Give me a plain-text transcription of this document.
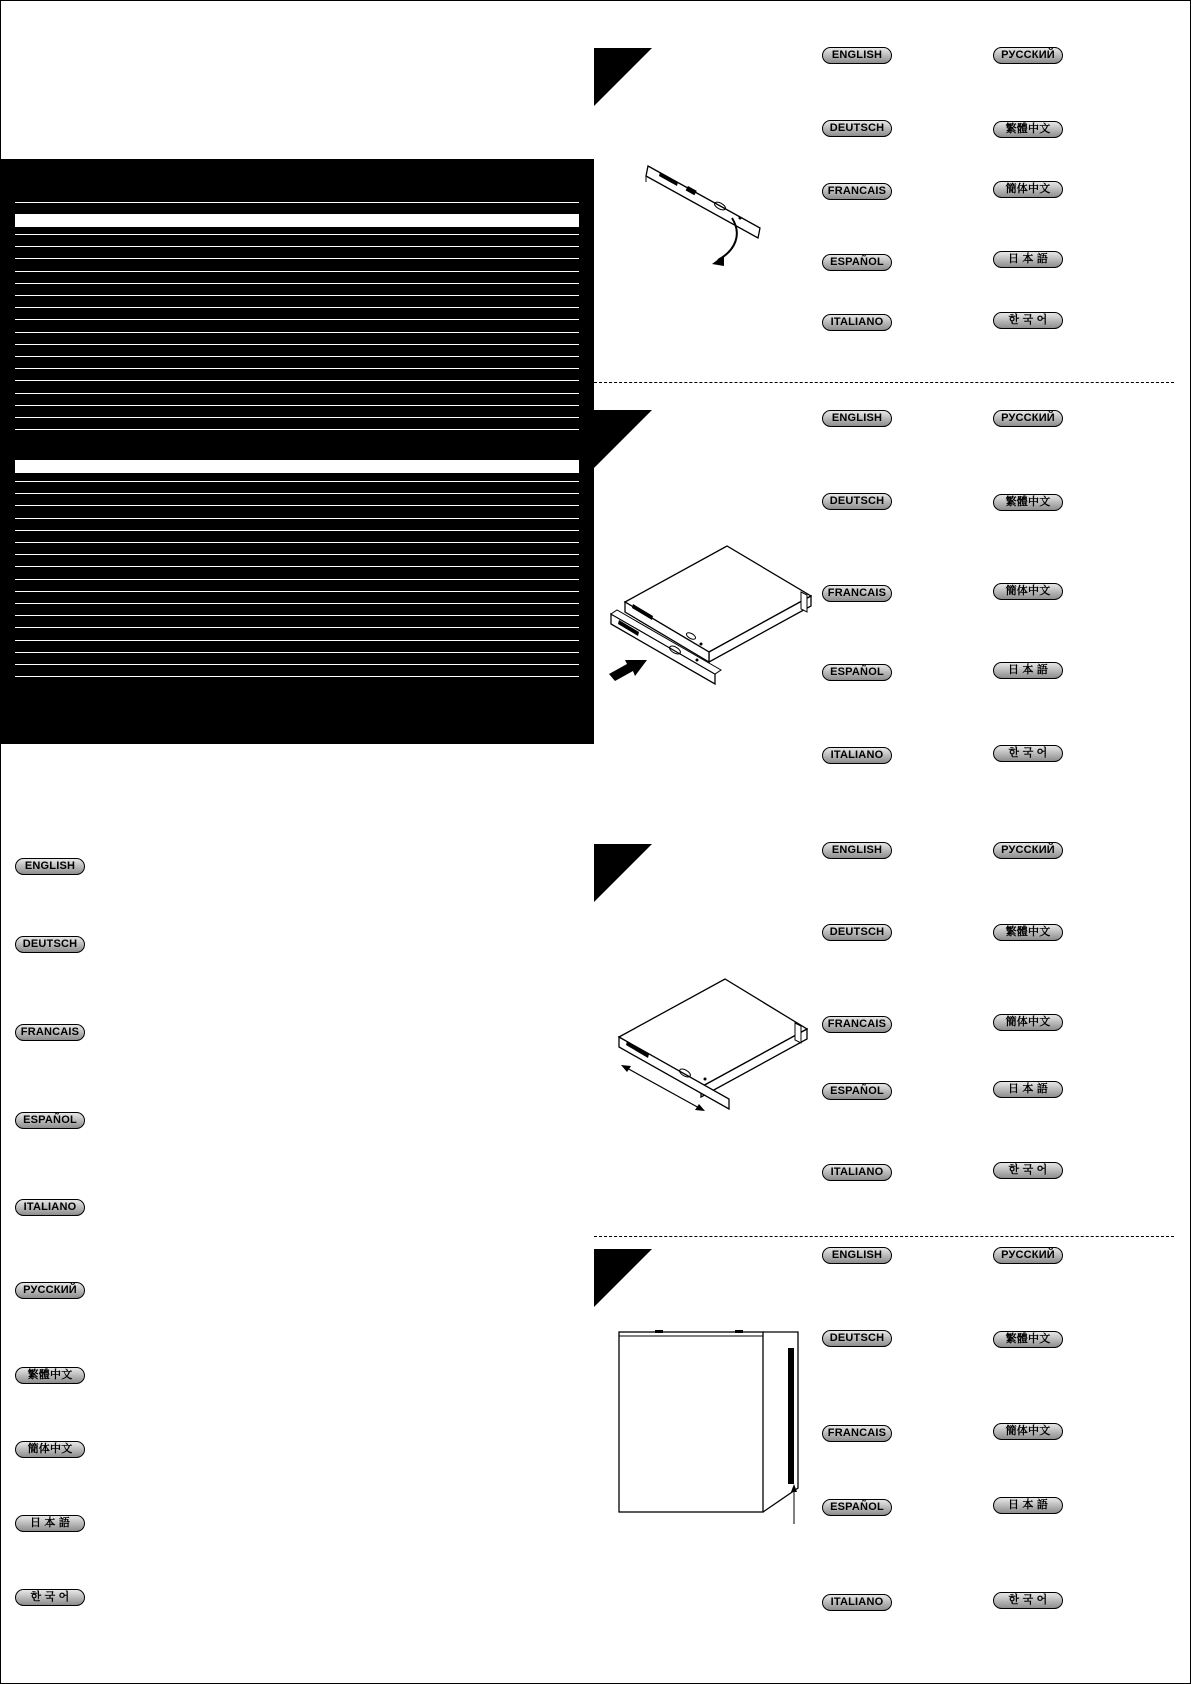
ENGLISH
DEUTSCH
FRANCAIS
ESPAÑOL
ITALIANO
РУССКИЙ
繁體中文
簡体中文
日 本 語
한 국 어
ENGLISH
DEUTSCH
FRANCAIS
ESPAÑOL
ITALIANO
РУССКИЙ
繁體中文
簡体中文
日 本 語
한 국 어
ENGLISH
DEUTSCH
FRANCAIS
ESPAÑOL
ITALIANO
РУССКИЙ
繁體中文
簡体中文
日 本 語
한 국 어
ENGLISH
DEUTSCH
FRANCAIS
ESPAÑOL
ITALIANO
РУССКИЙ
繁體中文
簡体中文
日 本 語
한 국 어
ENGLISH
DEUTSCH
FRANCAIS
ESPAÑOL
ITALIANO
РУССКИЙ
繁體中文
簡体中文
日 本 語
한 국 어
